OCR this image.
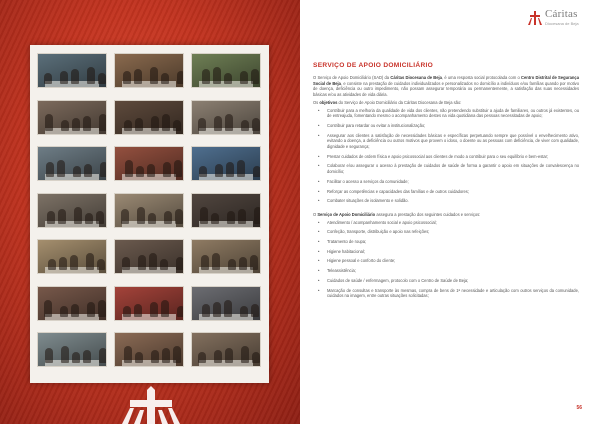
Cáritas
Diocesana de Beja
SERVIÇO DE APOIO DOMICILIÁRIO

O Serviço de Apoio Domiciliário (SAD) da Cáritas Diocesana de Beja, é uma resposta social protocolada com o Centro Distrital de Segurança Social de Beja, e consiste na prestação de cuidados individualizados e personalizados no domicílio a indivíduos e/ou famílias quando por motivo de doença, deficiência ou outro impedimento, não possam assegurar temporária ou permanentemente, a satisfação das suas necessidades básicas e/ou as atividades de vida diária.

Os objetivos do Serviço de Apoio Domiciliário da Cáritas Diocesana de Beja são:

• Contribuir para a melhoria da qualidade de vida dos clientes, não pretendendo substituir a ajuda de familiares, ou outros já existentes, ou de entreajuda, fomentando mesmo o acompanhamento destes na vida quotidiana das pessoas necessitadas de apoio;
• Contribuir para retardar ou evitar a institucionalização;
• Assegurar aos clientes a satisfação de necessidades básicas e específicas perpetuando sempre que possível o envelhecimento ativo, evitando a doença, a deficiência ou outros motivos que provem o idoso, o doente ou as pessoas com deficiência, de viver com qualidade, dignidade e segurança;
• Prestar cuidados de ordem física e apoio psicossocial aos clientes de modo a contribuir para o seu equilíbrio e bem-estar;
• Colaborar e/ou assegurar o acesso à prestação de cuidados de saúde de forma a garantir o apoio em situações de convalescença no domicílio;
• Facilitar o acesso a serviços da comunidade;
• Reforçar as competências e capacidades das famílias e de outros cuidadores;
• Combater situações de isolamento e solidão.

O Serviço de Apoio Domiciliário assegura a prestação dos seguintes cuidados e serviços:

• Atendimento / acompanhamento social e apoio psicossocial;
• Confeção, transporte, distribuição e apoio nas refeições;
• Tratamento de roupa;
• Higiene habitacional;
• Higiene pessoal e conforto do cliente;
• Teleassistência;
• Cuidados de saúde / enfermagem, protocolo com o Centro de Saúde de Beja;
• Marcação de consultas e transporte às mesmas, compra de bens de 1ª necessidade e articulação com outros serviços da comunidade, cuidados na imagem, entre outras situações solicitadas;
56
